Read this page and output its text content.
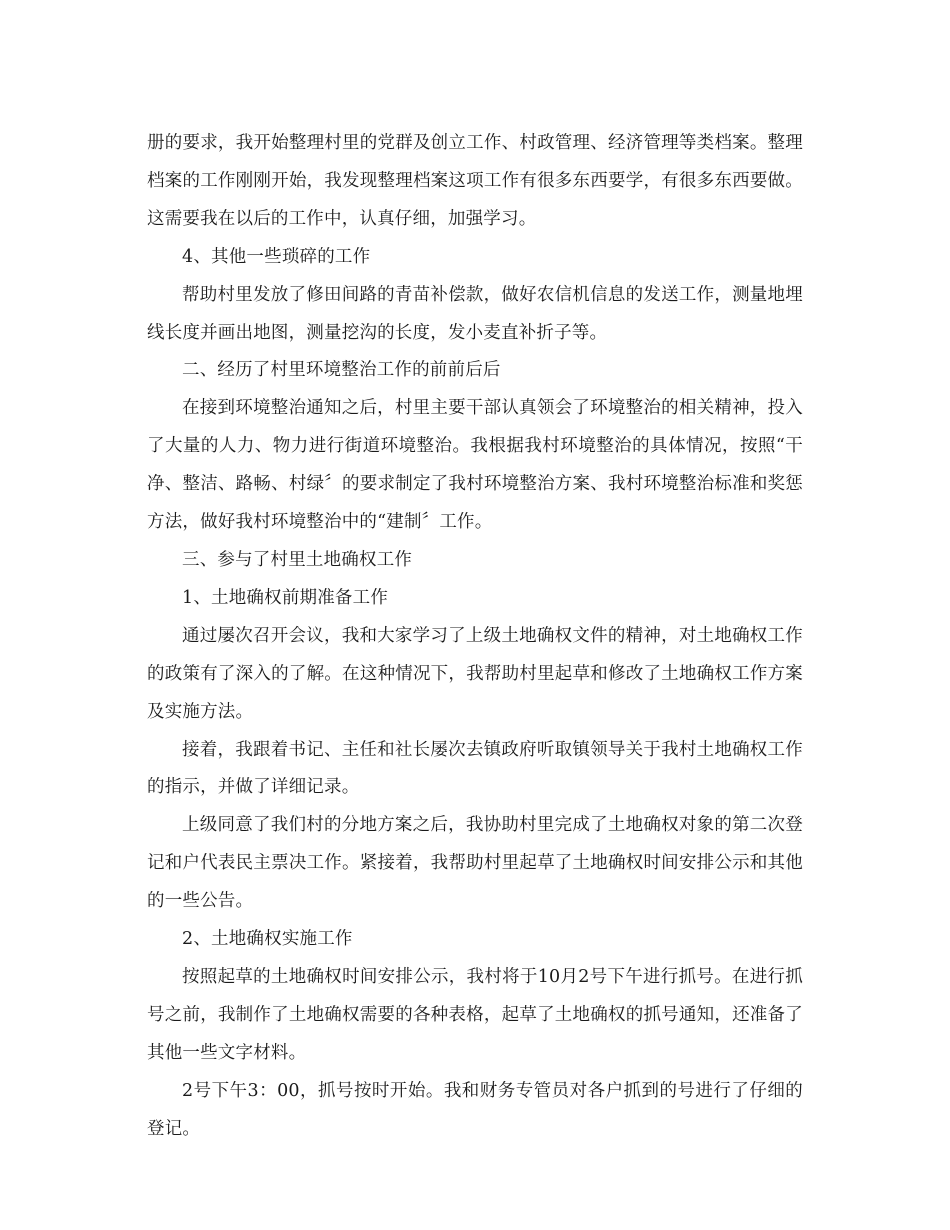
册的要求，我开始整理村里的党群及创立工作、村政管理、经济管理等类档案。整理档案的工作刚刚开始，我发现整理档案这项工作有很多东西要学，有很多东西要做。这需要我在以后的工作中，认真仔细，加强学习。

4、其他一些琐碎的工作

帮助村里发放了修田间路的青苗补偿款，做好农信机信息的发送工作，测量地埋线长度并画出地图，测量挖沟的长度，发小麦直补折子等。

二、经历了村里环境整治工作的前前后后

在接到环境整治通知之后，村里主要干部认真领会了环境整治的相关精神，投入了大量的人力、物力进行街道环境整治。我根据我村环境整治的具体情况，按照“干净、整洁、路畅、村绿〞的要求制定了我村环境整治方案、我村环境整治标准和奖惩方法，做好我村环境整治中的“建制〞工作。

三、参与了村里土地确权工作

1、土地确权前期准备工作

通过屡次召开会议，我和大家学习了上级土地确权文件的精神，对土地确权工作的政策有了深入的了解。在这种情况下，我帮助村里起草和修改了土地确权工作方案及实施方法。

接着，我跟着书记、主任和社长屡次去镇政府听取镇领导关于我村土地确权工作的指示，并做了详细记录。

上级同意了我们村的分地方案之后，我协助村里完成了土地确权对象的第二次登记和户代表民主票决工作。紧接着，我帮助村里起草了土地确权时间安排公示和其他的一些公告。

2、土地确权实施工作

按照起草的土地确权时间安排公示，我村将于10月2号下午进行抓号。在进行抓号之前，我制作了土地确权需要的各种表格，起草了土地确权的抓号通知，还准备了其他一些文字材料。

2号下午3：00，抓号按时开始。我和财务专管员对各户抓到的号进行了仔细的登记。
